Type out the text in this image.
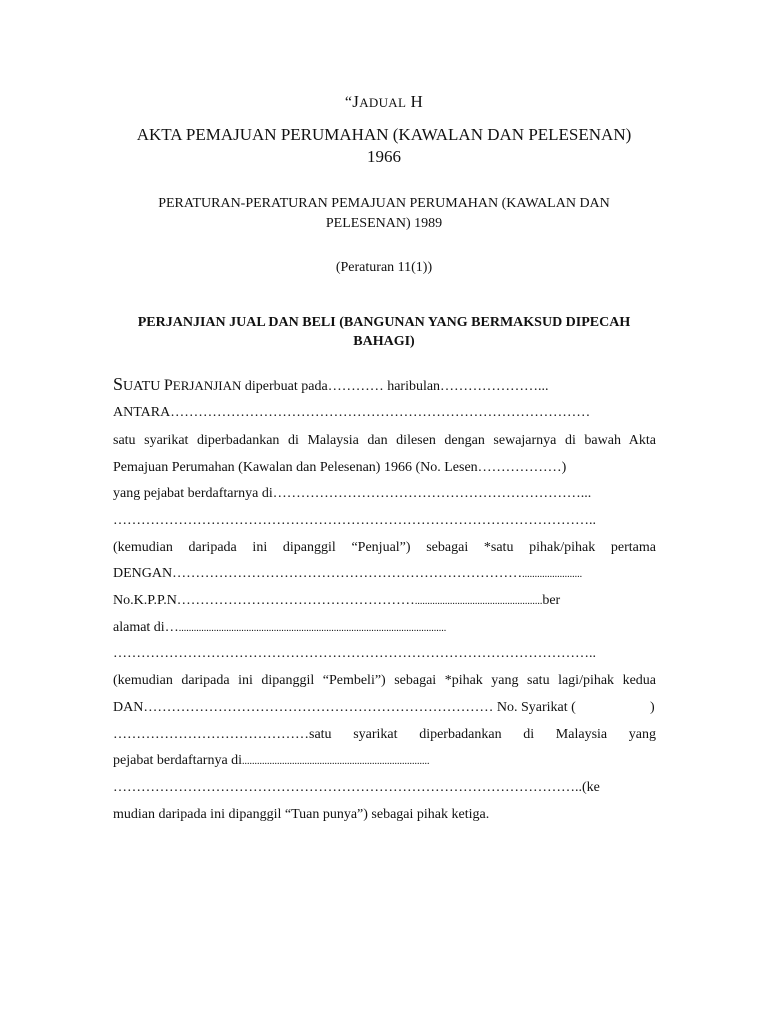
“JADUAL H
AKTA PEMAJUAN PERUMAHAN (KAWALAN DAN PELESENAN)
1966
PERATURAN-PERATURAN PEMAJUAN PERUMAHAN (KAWALAN DAN
PELESENAN) 1989
(Peraturan 11(1))
PERJANJIAN JUAL DAN BELI (BANGUNAN YANG BERMAKSUD DIPECAH
BAHAGI)
SUATU PERJANJIAN diperbuat pada………… haribulan…………………...
ANTARA………………………………………………………………………………
satu syarikat diperbadankan di Malaysia dan dilesen dengan sewajarnya di bawah Akta
Pemajuan Perumahan (Kawalan dan Pelesenan) 1966 (No. Lesen………………)
yang pejabat berdaftarnya di…………………………………………………………...
…………………………………………………………………………………………..
(kemudian daripada ini dipanggil “Penjual”) sebagai *satu pihak/pihak pertama
DENGAN…………………………………………………………………........................
No.K.P.P.N……………………………………………...................................................ber
alamat di…...........................................................................................................
…………………………………………………………………………………………..
(kemudian daripada ini dipanggil “Pembeli”) sebagai *pihak yang satu lagi/pihak kedua
DAN………………………………………………………………… No. Syarikat (	)
……………………………………satu syarikat diperbadankan di Malaysia yang
pejabat berdaftarnya di...........................................................................
………………………………………………………………………………………..(ke
mudian daripada ini dipanggil “Tuan punya”) sebagai pihak ketiga.
